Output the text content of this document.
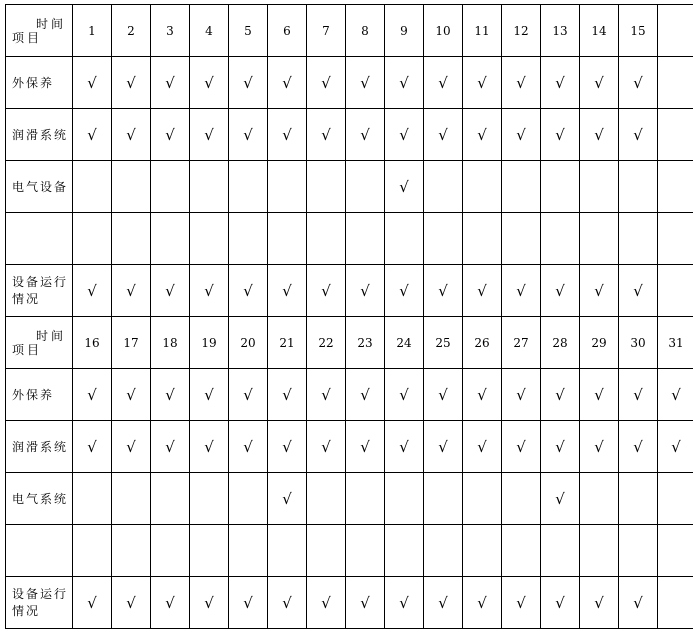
时间
项目	1	2	3	4	5	6	7	8	9	10	11	12	13	14	15	
外保养	√	√	√	√	√	√	√	√	√	√	√	√	√	√	√	
润滑系统	√	√	√	√	√	√	√	√	√	√	√	√	√	√	√	
电气设备									√							

设备运行
情况	√	√	√	√	√	√	√	√	√	√	√	√	√	√	√	

时间
项目	16	17	18	19	20	21	22	23	24	25	26	27	28	29	30	31
外保养	√	√	√	√	√	√	√	√	√	√	√	√	√	√	√	√
润滑系统	√	√	√	√	√	√	√	√	√	√	√	√	√	√	√	√
电气系统						√							√			

设备运行
情况	√	√	√	√	√	√	√	√	√	√	√	√	√	√	√	
